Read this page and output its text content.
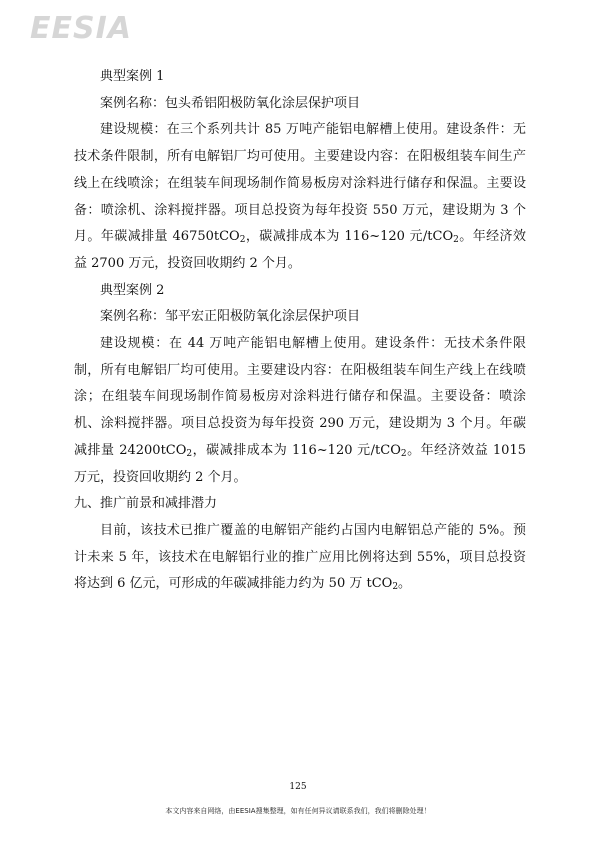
EESIA

典型案例 1

案例名称：包头希铝阳极防氧化涂层保护项目

建设规模：在三个系列共计 85 万吨产能铝电解槽上使用。建设条件：无技术条件限制，所有电解铝厂均可使用。主要建设内容：在阳极组装车间生产线上在线喷涂；在组装车间现场制作简易板房对涂料进行储存和保温。主要设备：喷涂机、涂料搅拌器。项目总投资为每年投资 550 万元，建设期为 3 个月。年碳减排量 46750tCO$_2$，碳减排成本为 116~120 元/tCO$_2$。年经济效益 2700 万元，投资回收期约 2 个月。

典型案例 2

案例名称：邹平宏正阳极防氧化涂层保护项目

建设规模：在 44 万吨产能铝电解槽上使用。建设条件：无技术条件限制，所有电解铝厂均可使用。主要建设内容：在阳极组装车间生产线上在线喷涂；在组装车间现场制作简易板房对涂料进行储存和保温。主要设备：喷涂机、涂料搅拌器。项目总投资为每年投资 290 万元，建设期为 3 个月。年碳减排量 24200tCO$_2$，碳减排成本为 116~120 元/tCO$_2$。年经济效益 1015 万元，投资回收期约 2 个月。

九、推广前景和减排潜力

目前，该技术已推广覆盖的电解铝产能约占国内电解铝总产能的 5%。预计未来 5 年，该技术在电解铝行业的推广应用比例将达到 55%，项目总投资将达到 6 亿元，可形成的年碳减排能力约为 50 万 tCO$_2$。

125
本文内容来自网络，由EESIA搜集整理，如有任何异议请联系我们，我们将删除处理！
